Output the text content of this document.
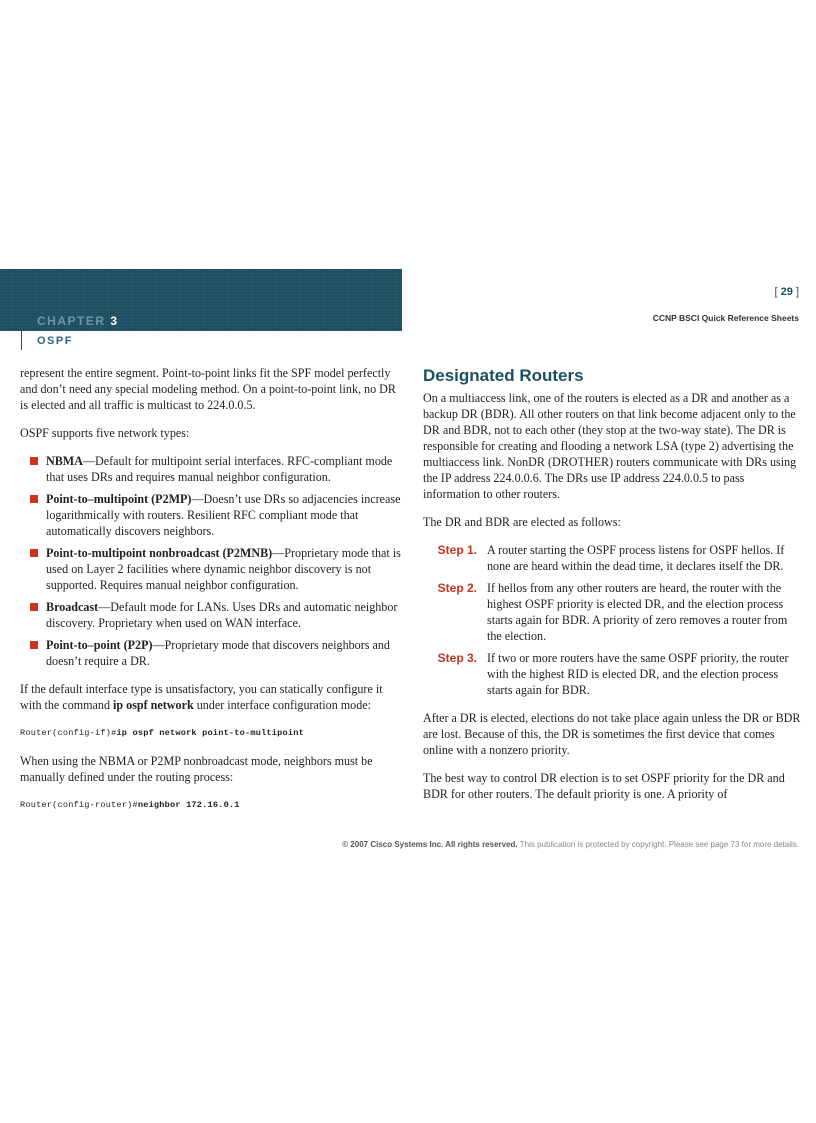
CHAPTER 3
OSPF
[ 29 ]
CCNP BSCI Quick Reference Sheets

represent the entire segment. Point-to-point links fit the SPF model perfectly and don’t need any special modeling method. On a point-to-point link, no DR is elected and all traffic is multicast to 224.0.0.5.

OSPF supports five network types:

NBMA—Default for multipoint serial interfaces. RFC-compliant mode that uses DRs and requires manual neighbor configuration.
Point-to–multipoint (P2MP)—Doesn’t use DRs so adjacencies increase logarithmically with routers. Resilient RFC compliant mode that automatically discovers neighbors.
Point-to-multipoint nonbroadcast (P2MNB)—Proprietary mode that is used on Layer 2 facilities where dynamic neighbor discovery is not supported. Requires manual neighbor configuration.
Broadcast—Default mode for LANs. Uses DRs and automatic neighbor discovery. Proprietary when used on WAN interface.
Point-to–point (P2P)—Proprietary mode that discovers neighbors and doesn’t require a DR.

If the default interface type is unsatisfactory, you can statically configure it with the command ip ospf network under interface configuration mode:

Router(config-if)#ip ospf network point-to-multipoint

When using the NBMA or P2MP nonbroadcast mode, neighbors must be manually defined under the routing process:

Router(config-router)#neighbor 172.16.0.1
Designated Routers

On a multiaccess link, one of the routers is elected as a DR and another as a backup DR (BDR). All other routers on that link become adjacent only to the DR and BDR, not to each other (they stop at the two-way state). The DR is responsible for creating and flooding a network LSA (type 2) advertising the multiaccess link. NonDR (DROTHER) routers communicate with DRs using the IP address 224.0.0.6. The DRs use IP address 224.0.0.5 to pass information to other routers.

The DR and BDR are elected as follows:

Step 1. A router starting the OSPF process listens for OSPF hellos. If none are heard within the dead time, it declares itself the DR.
Step 2. If hellos from any other routers are heard, the router with the highest OSPF priority is elected DR, and the election process starts again for BDR. A priority of zero removes a router from the election.
Step 3. If two or more routers have the same OSPF priority, the router with the highest RID is elected DR, and the election process starts again for BDR.

After a DR is elected, elections do not take place again unless the DR or BDR are lost. Because of this, the DR is sometimes the first device that comes online with a nonzero priority.

The best way to control DR election is to set OSPF priority for the DR and BDR for other routers. The default priority is one. A priority of

© 2007 Cisco Systems Inc. All rights reserved. This publication is protected by copyright. Please see page 73 for more details.
